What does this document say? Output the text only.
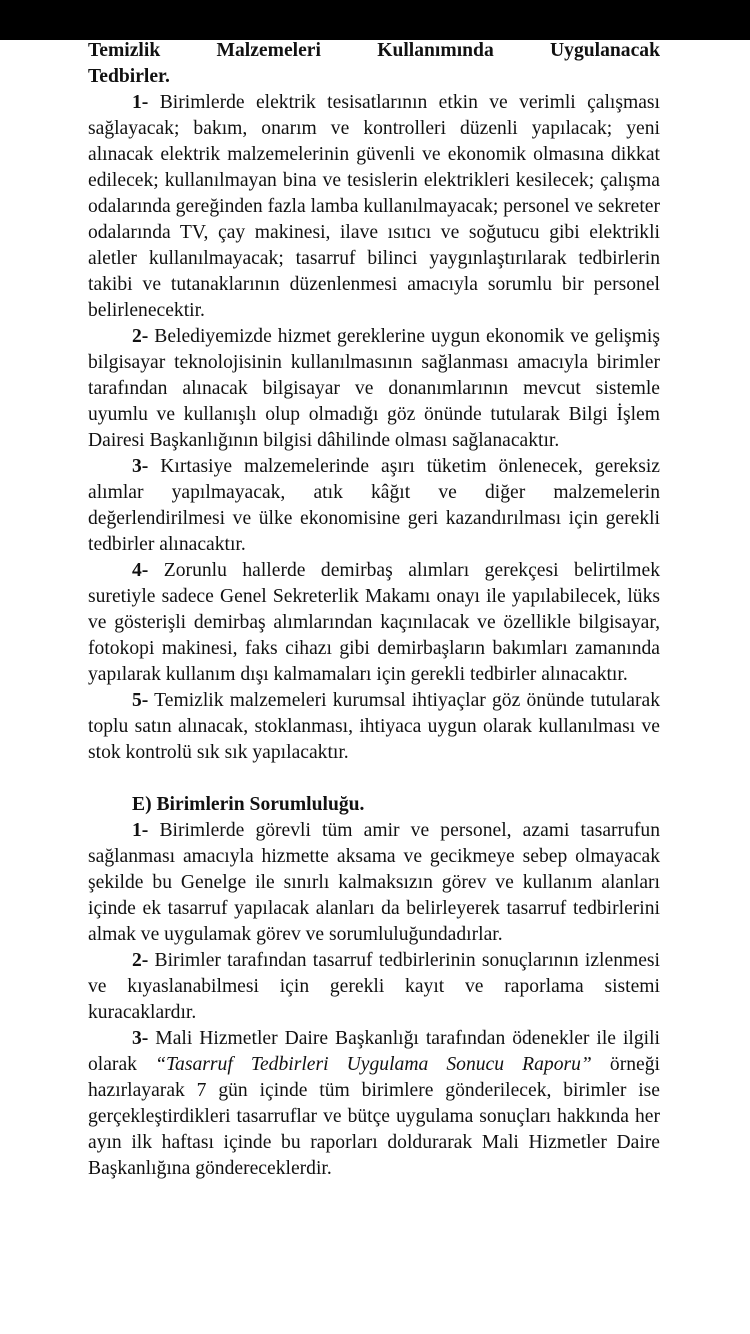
Temizlik Malzemeleri Kullanımında Uygulanacak
Tedbirler.

1- Birimlerde elektrik tesisatlarının etkin ve verimli çalışması sağlayacak; bakım, onarım ve kontrolleri düzenli yapılacak; yeni alınacak elektrik malzemelerinin güvenli ve ekonomik olmasına dikkat edilecek; kullanılmayan bina ve tesislerin elektrikleri kesilecek; çalışma odalarında gereğinden fazla lamba kullanılmayacak; personel ve sekreter odalarında TV, çay makinesi, ilave ısıtıcı ve soğutucu gibi elektrikli aletler kullanılmayacak; tasarruf bilinci yaygınlaştırılarak tedbirlerin takibi ve tutanaklarının düzenlenmesi amacıyla sorumlu bir personel belirlenecektir.

2- Belediyemizde hizmet gereklerine uygun ekonomik ve gelişmiş bilgisayar teknolojisinin kullanılmasının sağlanması amacıyla birimler tarafından alınacak bilgisayar ve donanımlarının mevcut sistemle uyumlu ve kullanışlı olup olmadığı göz önünde tutularak Bilgi İşlem Dairesi Başkanlığının bilgisi dâhilinde olması sağlanacaktır.

3- Kırtasiye malzemelerinde aşırı tüketim önlenecek, gereksiz alımlar yapılmayacak, atık kâğıt ve diğer malzemelerin değerlendirilmesi ve ülke ekonomisine geri kazandırılması için gerekli tedbirler alınacaktır.

4- Zorunlu hallerde demirbaş alımları gerekçesi belirtilmek suretiyle sadece Genel Sekreterlik Makamı onayı ile yapılabilecek, lüks ve gösterişli demirbaş alımlarından kaçınılacak ve özellikle bilgisayar, fotokopi makinesi, faks cihazı gibi demirbaşların bakımları zamanında yapılarak kullanım dışı kalmamaları için gerekli tedbirler alınacaktır.

5- Temizlik malzemeleri kurumsal ihtiyaçlar göz önünde tutularak toplu satın alınacak, stoklanması, ihtiyaca uygun olarak kullanılması ve stok kontrolü sık sık yapılacaktır.

E) Birimlerin Sorumluluğu.

1- Birimlerde görevli tüm amir ve personel, azami tasarrufun sağlanması amacıyla hizmette aksama ve gecikmeye sebep olmayacak şekilde bu Genelge ile sınırlı kalmaksızın görev ve kullanım alanları içinde ek tasarruf yapılacak alanları da belirleyerek tasarruf tedbirlerini almak ve uygulamak görev ve sorumluluğundadırlar.

2- Birimler tarafından tasarruf tedbirlerinin sonuçlarının izlenmesi ve kıyaslanabilmesi için gerekli kayıt ve raporlama sistemi kuracaklardır.

3- Mali Hizmetler Daire Başkanlığı tarafından ödenekler ile ilgili olarak “Tasarruf Tedbirleri Uygulama Sonucu Raporu” örneği hazırlayarak 7 gün içinde tüm birimlere gönderilecek, birimler ise gerçekleştirdikleri tasarruflar ve bütçe uygulama sonuçları hakkında her ayın ilk haftası içinde bu raporları doldurarak Mali Hizmetler Daire Başkanlığına göndereceklerdir.
